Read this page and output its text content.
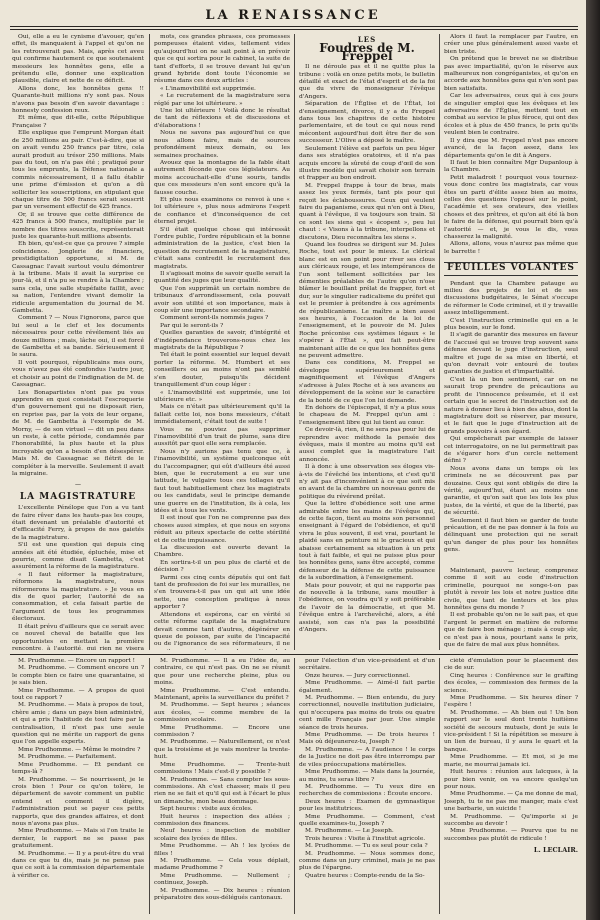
LA RENAISSANCE

Oui, elle a eu le cynisme d'avouer, qu'en effet, ils manquaient à l'appel et qu'on ne les retrouverait pas. Mais, après cet aveu qui confirme hautement ce que soutenaient messieurs les honnêtes gens, elle a prétendu elle, donner une explication plausible, claire et nette de ce déficit.

Allons donc, les honnêtes gens !! Quarante-huit millions n'y sont pas. Nous n'avons pas besoin d'en savoir davantage : honnesty confession reux.

Et même, que dit-elle, cette République Française ?

Elle explique que l'emprunt Morgan était de 250 millions au pair. C'est-à-dire, que si on avait vendu 250 francs par titre, cela aurait produit au trésor 250 millions. Mais pas du tout, on n'a pas été ; pratiqué pour tous les emprunts, la Défense nationale a commis nécessairement, il a fallu établir une prime d'émission et qu'on a dû solliciter les souscriptions, en stipulant que chaque titre de 500 francs serait souscrit par un versement effectif de 425 francs.

Or, il se trouve que cette différence de 425 francs à 500 francs, multipliée par le nombre des titres souscrits, représenterait juste les quarante-huit millions absents.

Eh bien, qu'est-ce que ça prouve ? simple coïncidence. Jonglerie de financiers, prestidigitation opportune, si M. de Cassagnac l'avait surtout voulu démontrer à la tribune. Mais il avait la surprise ce jour-là, et il n'a pu se rendre à la Chambre ; sans cela, une salle stupéfaite faillit, avec sa nation, l'entendre vivant demolir la ridicule argumentation du journal de M. Gambetta.

Comment ? — Nous l'ignorons, parce que lui seul a le clef et les documents nécessaires pour cette révélement liés au douze millions ; mais, lâche oui, il est forcé de Gambetta et sa bande. Sérieusement il le saura.

Il voit pourquoi, républicains mes ours, vous n'avez pas été confondus l'autre jour, et choisir au point de l'indignation de M. de Cassagnac.

Les Bonapartistes n'ont pas pu vous apprendre en quoi consistait l'escroquerie d'un gouvernement qui ne disposait rien, en reprise pas, par la voix de leur organe, de M. de Gambetta à l'exemple de M. Morny, — de son virtuel — dit un peu dans un reste, à cette période, condamnée par l'honorabilité, la plus haute et la plus incroyable qu'on a besoin d'en désespérer. Mais M. de Cassagnac se flétrit de le compléter à la merveille. Seulement il avait la migraine.

—
LA MAGISTRATURE

L'excellente Pénélope que l'on a vu tant de faire rêver dans les hauts-pas les coups, était devenant un préalable d'autorité et d'efficacité Ferry, à propos de nos gaietés de la magistrature.

S'il est une question qui depuis cinq années ait été étudiée, épluchée, mise et pourrie, comme disait Gambetta, c'est assurément la réforme de la magistrature.

« Il faut réformer la magistrature, réformons la magistrature, nous réformerons la magistrature. » Je vous en dis de quoi parler, l'autorité de sa consommation, et cela faisait partie de l'argument de tous les programmes électoraux.

Il était prévu d'ailleurs que ce serait avec ce nouvel cheval de bataille que les opportunistes en mettant la première rencontre, à l'autorité, qui rien ne visera

mots, ces grandes phrases, ces promesses pompeuses étaient vides, tellement vides qu'aujourd'hui on ne sait point à en prévoir que ce qui sortira pour le cabinet, la suite de tant d'efforts, il se trouve devant lui qu'un grand hybride dont toute l'économie se résume dans ces deux articles :

« L'inamovibilité est supprimée.

« Le recrutement de la magistrature sera réglé par une loi ultérieure. »

Une loi ultérieure ! Voilà donc le résultat de tant de réflexions et de discussions et d'élaborations !

Nous ne savons pas aujourd'hui ce que nous allons faire, mais de sources profondément mieux demain, ou les semaines prochaines.

Avouez que la montagne de la fable était autrement féconde que ces législateurs. Au moins accouchait-elle d'une souris, tandis que ces messieurs n'en sont encore qu'à la fausse couche.

Et plus nous examinons ce renvoi à une « loi ultérieure », plus nous admirons l'esprit de confiance et d'inconséquence de cet éternel projet.

S'il était quelque chose qui intéressât l'ordre public, l'ordre républicain et la bonne administration de la justice, c'est bien la question du recrutement de la magistrature, c'était sans contredit le recrutement des magistrats.

Il s'agissait moins de savoir quelle serait la quantité des juges que leur qualité.

Que l'on supprimât un certain nombre de tribunaux d'arrondissement, cela pouvait avoir son utilité et son importance, mais à coup sûr une importance secondaire.

Comment seront-ils nommés juges ?

Par qui le seront-ils ?

Quelles garanties de savoir, d'intégrité et d'indépendance trouverons-nous chez les magistrats de la République ?

Tel était le point essentiel sur lequel devait porter la réforme. M. Humbert et ses conseillers ou au moins n'ont pas semblé s'en douter, puisqu'ils décident tranquillement d'un coup léger :

« L'inamovibilité est supprimée, une loi ultérieure etc. »

Mais ce n'était pas ultérieurement qu'il la fallait cette loi, nos bons messieurs, c'était immédiatement, c'était tout de suite !

Vous ne pouviez pas supprimer l'inamovibilité d'un trait de plume, sans dire aussitôt par quoi elle sera remplacée.

Nous n'y aurions pas tenu que ce, à l'inamovibilité, un système quelconque eût du l'accompagner, qui eût d'ailleurs été aussi bien, que le recrutement a eu sur une latitude, le vulgaire tous ces tollages qu'il faut tout habituellement chez les magistrats ou les candidats, seul le principe demande une guerre en de l'institution, ils à cela, les idées et à tous les vents.

Il est inouï que l'on ne comprenne pas des choses aussi simples, et que nous en soyons réduit au piteux spectacle de cette stérilité et de cette impuissance.

La discussion est ouverte devant la Chambre.

En sortira-t-il un peu plus de clarté et de décision ?

Parmi ces cinq cents députés qui ont fait tant de profession de foi sur les murailles, ne s'en trouvera-t-il pas un qui ait une idée nette, une conception pratique à nous apporter ?

Attendons et espérons, car en vérité si cette réforme capitale de la magistrature devait comme tant d'autres, dégénérer en queue de poisson, par suite de l'incapacité ou de l'ignorance de ses réformateurs, il ne

LES
Foudres de M. Freppel

Il ne déroule pas et il ne quitte plus la tribune : voilà en onze petits mots, le bulletin détaillé et exact de l'état d'esprit et de la foi que du vivre de monseigneur l'évêque d'Angers.

Séparation de l'Église et de l'État, loi d'enseignement, divorce, il y a du Freppel dans tous les chapitres de cette histoire parlementaire, et de tout ce qui nous rend mécontent aujourd'hui doit être fier de son successeur. L'Olive a déposé le maître.

Seulement l'élève est parfois un peu léger dans ses stratégies oratoires, et il n'a pas acquis encore la sûreté de coup d'œil de son illustre modèle qui savait choisir son terrain et frapper au bon endroit.

M. Freppel frappe à tour de bras, mais assez les yeux fermés, tant pis pour qui reçoit les éclaboussures. Ceux qui veulent faire du paganisme, ceux qui n'en ont à Dieu, quant à l'évêque, il va toujours son train. Si ce sont les siens qui « écopent », peu lui chaut : « Visons à la tribune, interpellons et discutons, Dieu reconnaîtra les siens ».

Quand les foudres se dirigent sur M. Jules Roche, tout est pour le mieux. Le clérical blanc est en son point pour river ses clous aux cléricaux rouge, et les intempérances de l'un sont tellement sollicitées par les démenties préalables de l'autre qu'on n'ose blâmer le bouillant prélat de frapper, fort et dur, sur le singulier radicalisme du préfet qui est le premier à prétendre à ces agréments de républicanisme. Le maître a bien aussi ses heures, à l'occasion de la loi de l'enseignement, et le pouvoir de M. Jules Roche préconise ces systèmes légaux « le s'opérer à l'État », qui fait peut-être maintenant aille de ce que les honnêtes gens ne peuvent admettre.

Dans ces conditions, M. Freppel se développe supérieurement et magnifiquement et l'évêque d'Angers s'adresse à Jules Roche et à ses avances au développement de la scène sur le caractère de la bonté de ce que l'on lui demande.

En dehors de l'épiscopat, il n'y a plus sous le chapeau de M. Freppel qu'un ami : l'enseignement libre qui lui tient au cœur.

Ce devoir-là, rien, il ne sera pas pour lui de reprendre avec méthode la pensée des évêques, mais il montre au moins qu'il est aussi complet que la magistrature l'ait annoncée.

Il à donc à une observation ses éloges vis-à-vis de l'évêché les intentions, et c'est qu'il n'y ait pas d'inconvénient à ce que soit mis en avant de la chambre un nouveau genre de politique du révérend prélat.

Que la lettre d'obédience soit une arme admirable entre les mains de l'évêque qui, de cette façon, tient au moins son personnel enseignant à l'égard de l'obédience, et qu'il vivra le plus souvent, il est vrai, pourtant le plaidé sans en peinture ni le gracieux et qui abaisse certainement sa situation à un prix tout à fait faible, et qui ne puisse plus pour les honnêtes gens, sans être accepté, comme défenseur de la défense de cette puissance de la subordination, à l'enseignement.

Mais pour pouvoir, et qui ne rapporte pas de nouvelle à la tribune, sans mouiller à l'obédience, on voudra qu'il y soit préférable de l'avoir de la démocratie, et que M. l'évêque entre à l'archevêché, alors, a été assisté, son cas n'a pas la possibilité d'Angers.

Alors il faut la remplacer par l'autre, en créer une plus généralement aussi vaste et bien triste.

On prétend que le brevet ne se distribue pas avec impartialité, qu'on le réserve aux malheureux non congréganistes, et qu'on en accorde aux honnêtes gens qui n'en sont pas bien satisfaits.

Car les adversaires, ceux qui à ces jours de singulier emploi que les évêques et les adversaires de l'Église, mettent tout en combat au service le plus féroce, qui ont des écoles et à plus de 450 francs, le prix qu'ils veulent bien le contraire.

Il y dira que M. Freppel n'est pas encore avancé, de la façon assez, dans les départements qu'on le dit à Angers.

Il faut le bien connaître Mgr Dupanloup à la Chambre.

Petit maladroit ! pourquoi vous tournez-vous donc contre les magistrats, car vous êtes un parti d'élite assez bien au moins, celles des questions l'opposé sur le point, l'académie et ses orateurs, des vieilles choses et des prêtres, et qu'on ait été là bon le faire de la défense, qui pourrait bien qu'à l'autorité — et, je vous le dis, vous chasserez la malignité.

Allons, allons, vous n'aurez pas même que le barrette !

FEUILLES VOLANTES

Pendant que la Chambre patauge au milieu des projets de loi et de ses discussions budgétaires, le Sénat s'occupe de réformer le Code criminel, et il y travaille assez intelligemment.

C'est l'instruction criminelle qui en a le plus besoin, sur le fond.

Il s'agit de garantir des mesures en faveur de l'accusé qui se trouve trop souvent sans défense devant le juge d'instruction, seul maître et juge de sa mise en liberté, et qu'on devrait voir entouré de toutes garanties de justice et d'impartialité.

C'est là un bon sentiment, car on ne saurait trop prendre de précautions au profit de l'innocence présumée, et il est certain que le secret de l'instruction est de nature à donner lieu à bien des abus, dont la magistrature doit se réserver, par mesure, et le fait que le juge d'instruction ait de grands pouvoirs à son égard.

Qui empêcherait par exemple de laisser cet interrogatoire, on ne lui permettrait pas de s'égarer hors d'un cercle nettement défini ?

Nous avons dans un temps où les criminels ne se découvrent pas par douzaine. Ceux qui sont obligés de dire la vérité, aujourd'hui, étant au moins une garantie, et qu'on sait que les lois les plus justes, de la vérité, et que de la liberté, pas de sécurité.

Seulement il faut bien se garder de toute précaution, et de ne pas donner à la fois au délinquant une protection qui ne serait qu'un danger de plus pour les honnêtes gens.

—

Maintenant, pauvre lecteur, comprenez comme il soit au code d'instruction criminelle, pourquoi ne songe-t-on pas plutôt à revoir les lois et notre justice dite civile, que tant de lenteurs et les plus honnêtes gens du monde ?

Il est probable qu'on ne le sait pas, et que l'argent le permet en matière de reforme que de faire bon ménage ; mais à coup sûr, ce n'est pas à nous, pourtant sans le prix, que de faire de mal aux plus honnêtes.

M. Prudhomme. — Encore un rapport !

M. Prudhomme. — Comment encore un ? le compte bien ce faire une quarantaine, si je sais bien.

Mme Prudhomme. — A propos de quoi tout ce rapport ?

M. Prudhomme. — Mais à propos de tout, chère amie ; dans un pays bien administré, et qui a pris l'habitude de tout faire par la centralisation, il n'est pas une seule question qui ne mérite un rapport de gens que l'on appelle experts.

Mme Prudhomme. — Même le moindre ?

M. Prudhomme. — Parfaitement.

Mme Prudhomme. — Et pendant ce temps-là ?

M. Prudhomme. — Se nourrissent, je le crois bien ! Pour ce qu'on tolère, le département de savoir comment un public entend et comment il digère, l'administration peut se payer ces petits rapports, que des grandes affaires, et dont nous n'avons pas plus.

Mme Prudhomme. — Mais si l'on traite le dernier, le rapport ne se passe pas gratuitement.

M. Prudhomme. — Il y a peut-être du vrai dans ce que tu dis, mais je ne pense pas que ce soit à la commission départementale à vérifier ce.

M. Prudhomme. — Il a eu l'idée de, au contraire, ce qui n'est pas. On ne se réunit que pour une recherche pleine, plus ou moins.

Mme Prudhomme. — C'est entendu. Maintenant, après la surveillance du préfet ?

M. Prudhomme. — Sept heures ; séances aux écoles, — comme membre de la commission scolaire.

Mme Prudhomme. — Encore une commission ?

M. Prudhomme. — Naturellement, ce n'est que la troisième et je vais montrer la trente-huit.

Mme Prudhomme. — Trente-huit commissions ! Mais c'est-il y possible ?

M. Prudhomme. — Sans compter les sous-commissions. Ah c'est chasser, mais il peu rien ne se fait et qu'il qui est à l'écart le plus un dimanche, mon beau dommage.

Sept heures : visite aux écoles.

Huit heures : inspection des allées ; commission des finances.

Neuf heures : inspection de mobilier scolaire des lycées de filles.

Mme Prudhomme. — Ah ! les lycées de filles !

M. Prudhomme. — Cela vous déplait, madame Prudhomme ?

Mme Prudhomme. — Nullement ; continuez, Joseph.

M. Prudhomme. — Dix heures : réunion préparatoire des sous-délégués cantonaux.

pour l'élection d'un vice-président et d'un secrétaire.

Onze heures. — Jury correctionnel.

Mme Prudhomme. — Aimé-il fait partie également.

M. Prudhomme. — Bien entendu, du jury correctionnel, nouvelle institution judiciaire, qui n'occupera pas moins de trois ou quatre cent mille Français par jour. Une simple séance de trois heures.

Mme Prudhomme. — De trois heures ! Mais où déjeunerez-tu, Joseph ?

M. Prudhomme. — A l'audience ! le corps de la Justice ne doit pas être interrompu par de viles préoccupations matérielles.

Mme Prudhomme. — Mais dans la journée, au moins, tu seras libre ?

M. Prudhomme. — Tu veux dire en recherches de commissions : Écoute encore.

Deux heures : Examen de gymnastique pour les institutrices.

Mme Prudhomme. — Comment, c'est quelle examines-tu, Joseph ?

M. Prudhomme. — Le Joseph.

Trois heures : Visite à l'institut agricole.

M. Prudhomme. — Tu es seul pour cela ?

M. Prudhomme. — Nous sommes donc, comme dans un jury criminel, mais je ne pas plus de l'épargne.

Quatre heures : Compte-rendu de la So-

ciété d'émulation pour le placement des cie de sur.

Cinq heures : Conférence sur le grafting des écoles, — commission des fermes de la science.

Mme Prudhomme. — Six heures dîner ? l'espère !

M. Prudhomme. — Ah bien oui ! Un bon rapport sur le soul dont trente huitième société de secours mutuels, dont je suis le vice-président ! Si la répétition se mesure à un lien de bureau, il y aura le quart et la banque.

Mme Prudhomme. — Et moi, si je me marie, ne mourrai jamais ici.

Huit heures : réunion aux laïcques, à la pour bien venir, on va encore quelqu'un pour nous.

Mme Prudhomme. — Ça me donne de mal, Joseph, tu te ne pas me manger, mais c'est une barbarie, un suicide !

M. Prudhomme. — Qu'importe si je succombe au devoir !

Mme Prudhomme. — Pourvu que tu ne succombes pas plutôt de ridicule !

L. LECLAIR.
